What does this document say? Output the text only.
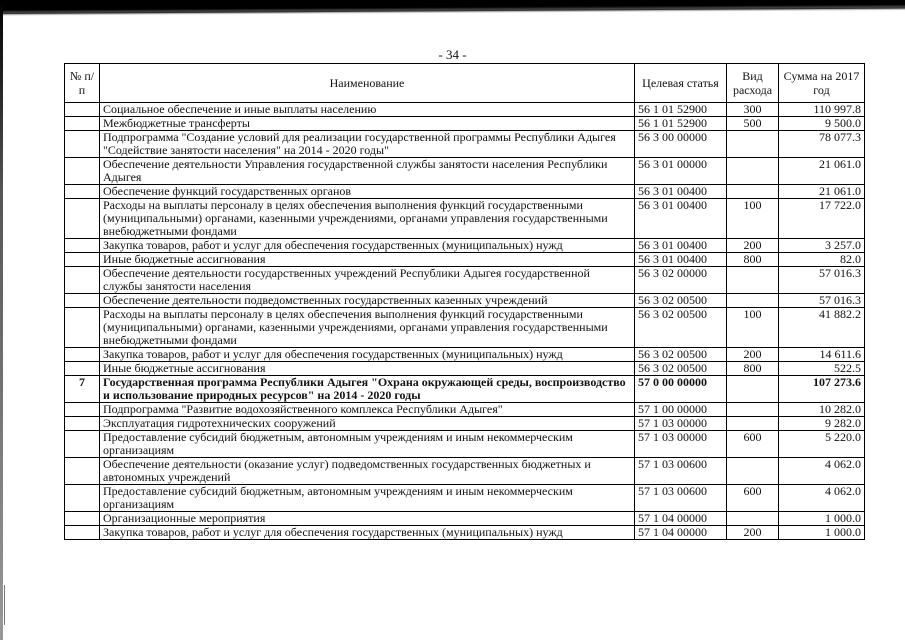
- 34 -
№ п/п	Наименование	Целевая статья	Вид расхода	Сумма на 2017 год
	Социальное обеспечение и иные выплаты населению	56 1 01 52900	300	110 997.8
	Межбюджетные трансферты	56 1 01 52900	500	9 500.0
	Подпрограмма "Создание условий для реализации государственной программы Республики Адыгея "Содействие занятости населения" на 2014 - 2020 годы"	56 3 00 00000		78 077.3
	Обеспечение деятельности Управления государственной службы занятости населения Республики Адыгея	56 3 01 00000		21 061.0
	Обеспечение функций государственных органов	56 3 01 00400		21 061.0
	Расходы на выплаты персоналу в целях обеспечения выполнения функций государственными (муниципальными) органами, казенными учреждениями, органами управления государственными внебюджетными фондами	56 3 01 00400	100	17 722.0
	Закупка товаров, работ и услуг для обеспечения государственных (муниципальных) нужд	56 3 01 00400	200	3 257.0
	Иные бюджетные ассигнования	56 3 01 00400	800	82.0
	Обеспечение деятельности государственных учреждений Республики Адыгея государственной службы занятости населения	56 3 02 00000		57 016.3
	Обеспечение деятельности подведомственных государственных казенных учреждений	56 3 02 00500		57 016.3
	Расходы на выплаты персоналу в целях обеспечения выполнения функций государственными (муниципальными) органами, казенными учреждениями, органами управления государственными внебюджетными фондами	56 3 02 00500	100	41 882.2
	Закупка товаров, работ и услуг для обеспечения государственных (муниципальных) нужд	56 3 02 00500	200	14 611.6
	Иные бюджетные ассигнования	56 3 02 00500	800	522.5
7	Государственная программа Республики Адыгея "Охрана окружающей среды, воспроизводство и использование природных ресурсов" на 2014 - 2020 годы	57 0 00 00000		107 273.6
	Подпрограмма "Развитие водохозяйственного комплекса Республики Адыгея"	57 1 00 00000		10 282.0
	Эксплуатация гидротехнических сооружений	57 1 03 00000		9 282.0
	Предоставление субсидий бюджетным, автономным учреждениям и иным некоммерческим организациям	57 1 03 00000	600	5 220.0
	Обеспечение деятельности (оказание услуг) подведомственных государственных бюджетных и автономных учреждений	57 1 03 00600		4 062.0
	Предоставление субсидий бюджетным, автономным учреждениям и иным некоммерческим организациям	57 1 03 00600	600	4 062.0
	Организационные мероприятия	57 1 04 00000		1 000.0
	Закупка товаров, работ и услуг для обеспечения государственных (муниципальных) нужд	57 1 04 00000	200	1 000.0
